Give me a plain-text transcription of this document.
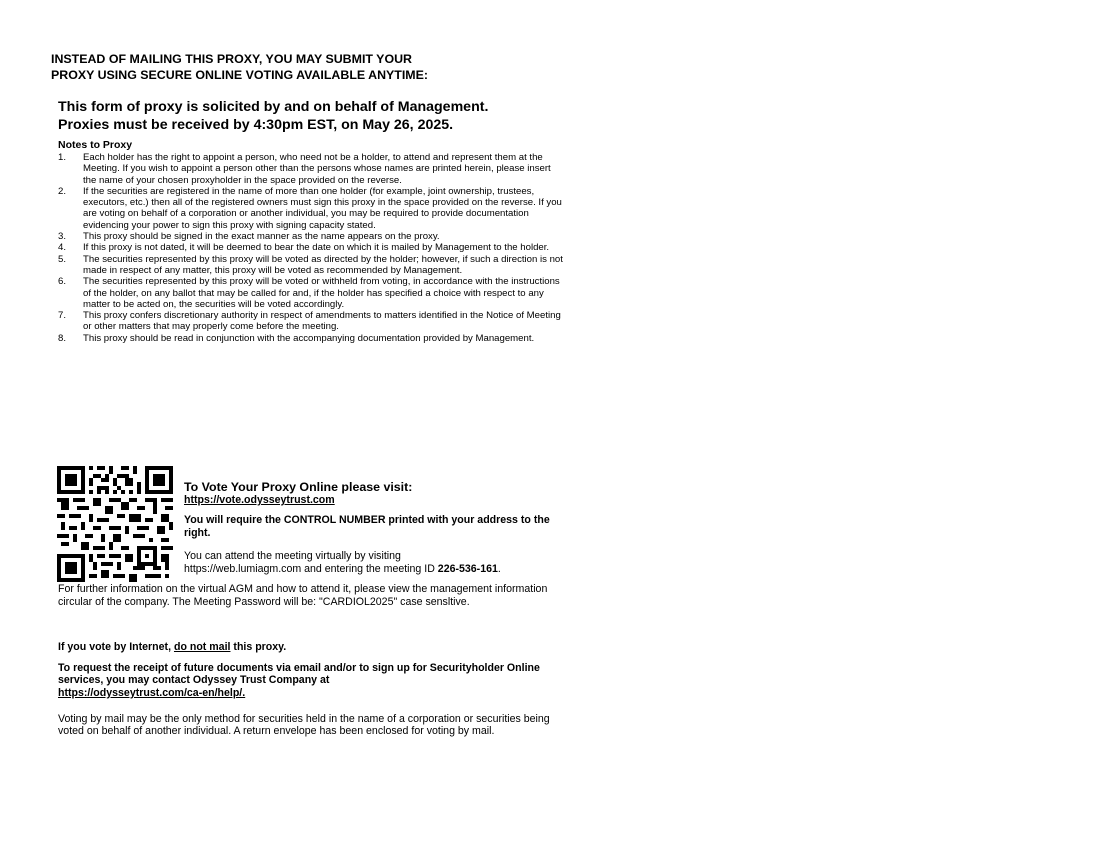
INSTEAD OF MAILING THIS PROXY, YOU MAY SUBMIT YOUR
PROXY USING SECURE ONLINE VOTING AVAILABLE ANYTIME:
This form of proxy is solicited by and on behalf of Management.
Proxies must be received by 4:30pm EST, on May 26, 2025.
Notes to Proxy
1. Each holder has the right to appoint a person, who need not be a holder, to attend and represent them at the Meeting. If you wish to appoint a person other than the persons whose names are printed herein, please insert the name of your chosen proxyholder in the space provided on the reverse.
2. If the securities are registered in the name of more than one holder (for example, joint ownership, trustees, executors, etc.) then all of the registered owners must sign this proxy in the space provided on the reverse. If you are voting on behalf of a corporation or another individual, you may be required to provide documentation evidencing your power to sign this proxy with signing capacity stated.
3. This proxy should be signed in the exact manner as the name appears on the proxy.
4. If this proxy is not dated, it will be deemed to bear the date on which it is mailed by Management to the holder.
5. The securities represented by this proxy will be voted as directed by the holder; however, if such a direction is not made in respect of any matter, this proxy will be voted as recommended by Management.
6. The securities represented by this proxy will be voted or withheld from voting, in accordance with the instructions of the holder, on any ballot that may be called for and, if the holder has specified a choice with respect to any matter to be acted on, the securities will be voted accordingly.
7. This proxy confers discretionary authority in respect of amendments to matters identified in the Notice of Meeting or other matters that may properly come before the meeting.
8. This proxy should be read in conjunction with the accompanying documentation provided by Management.
To Vote Your Proxy Online please visit:
https://vote.odysseytrust.com
You will require the CONTROL NUMBER printed with your address to the right.
You can attend the meeting virtually by visiting
https://web.lumiagm.com and entering the meeting ID 226-536-161.
For further information on the virtual AGM and how to attend it, please view the management information circular of the company. The Meeting Password will be: "CARDIOL2025" case sensltive.
If you vote by Internet, do not mail this proxy.
To request the receipt of future documents via email and/or to sign up for Securityholder Online services, you may contact Odyssey Trust Company at
https://odysseytrust.com/ca-en/help/.
Voting by mail may be the only method for securities held in the name of a corporation or securities being voted on behalf of another individual. A return envelope has been enclosed for voting by mail.
